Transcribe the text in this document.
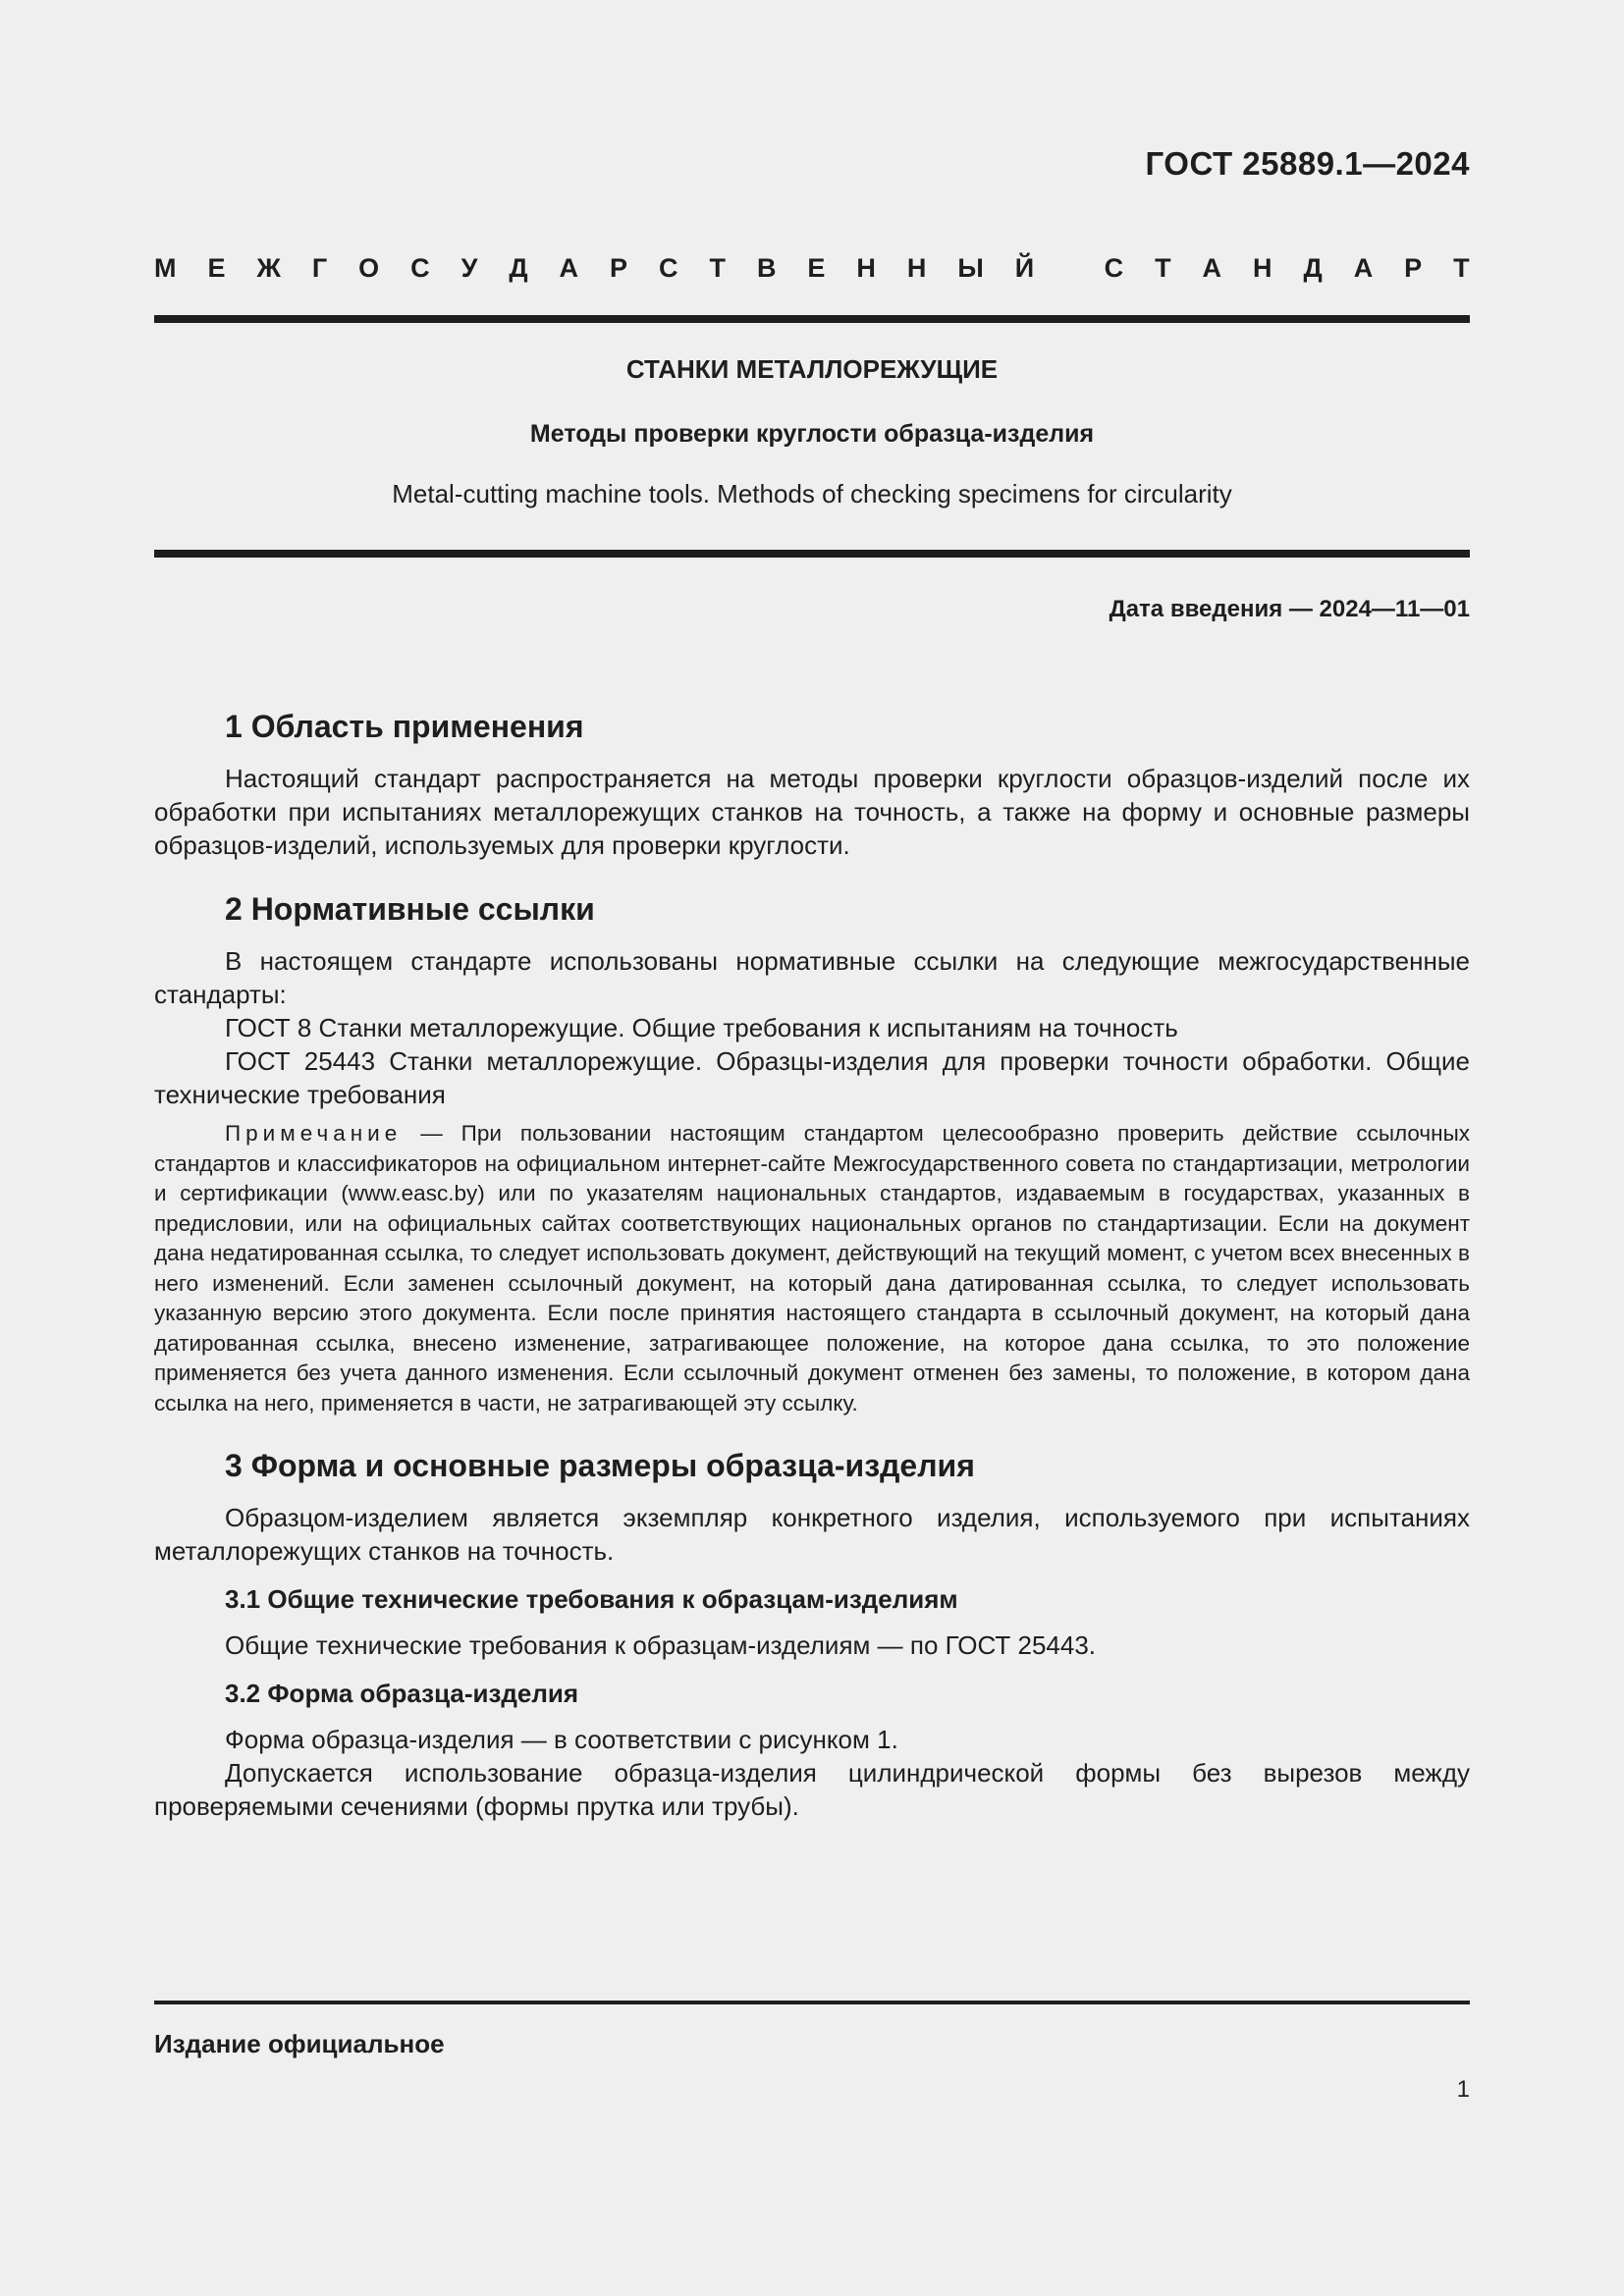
ГОСТ 25889.1—2024
М Е Ж Г О С У Д А Р С Т В Е Н Н Ы Й
	С Т А Н Д А Р Т
СТАНКИ МЕТАЛЛОРЕЖУЩИЕ
Методы проверки круглости образца-изделия
Metal-cutting machine tools. Methods of checking specimens for circularity
Дата введения — 2024—11—01
1 Область применения

Настоящий стандарт распространяется на методы проверки круглости образцов-изделий после их обработки при испытаниях металлорежущих станков на точность, а также на форму и основные размеры образцов-изделий, используемых для проверки круглости.

2 Нормативные ссылки

В настоящем стандарте использованы нормативные ссылки на следующие межгосударственные стандарты:

ГОСТ 8 Станки металлорежущие. Общие требования к испытаниям на точность

ГОСТ 25443 Станки металлорежущие. Образцы-изделия для проверки точности обработки. Общие технические требования

Примечание — При пользовании настоящим стандартом целесообразно проверить действие ссылочных стандартов и классификаторов на официальном интернет-сайте Межгосударственного совета по стандартизации, метрологии и сертификации (www.easc.by) или по указателям национальных стандартов, издаваемым в государствах, указанных в предисловии, или на официальных сайтах соответствующих национальных органов по стандартизации. Если на документ дана недатированная ссылка, то следует использовать документ, действующий на текущий момент, с учетом всех внесенных в него изменений. Если заменен ссылочный документ, на который дана датированная ссылка, то следует использовать указанную версию этого документа. Если после принятия настоящего стандарта в ссылочный документ, на который дана датированная ссылка, внесено изменение, затрагивающее положение, на которое дана ссылка, то это положение применяется без учета данного изменения. Если ссылочный документ отменен без замены, то положение, в котором дана ссылка на него, применяется в части, не затрагивающей эту ссылку.

3 Форма и основные размеры образца-изделия

Образцом-изделием является экземпляр конкретного изделия, используемого при испытаниях металлорежущих станков на точность.

3.1 Общие технические требования к образцам-изделиям

Общие технические требования к образцам-изделиям — по ГОСТ 25443.

3.2 Форма образца-изделия

Форма образца-изделия — в соответствии с рисунком 1.

Допускается использование образца-изделия цилиндрической формы без вырезов между проверяемыми сечениями (формы прутка или трубы).

Издание официальное
1
